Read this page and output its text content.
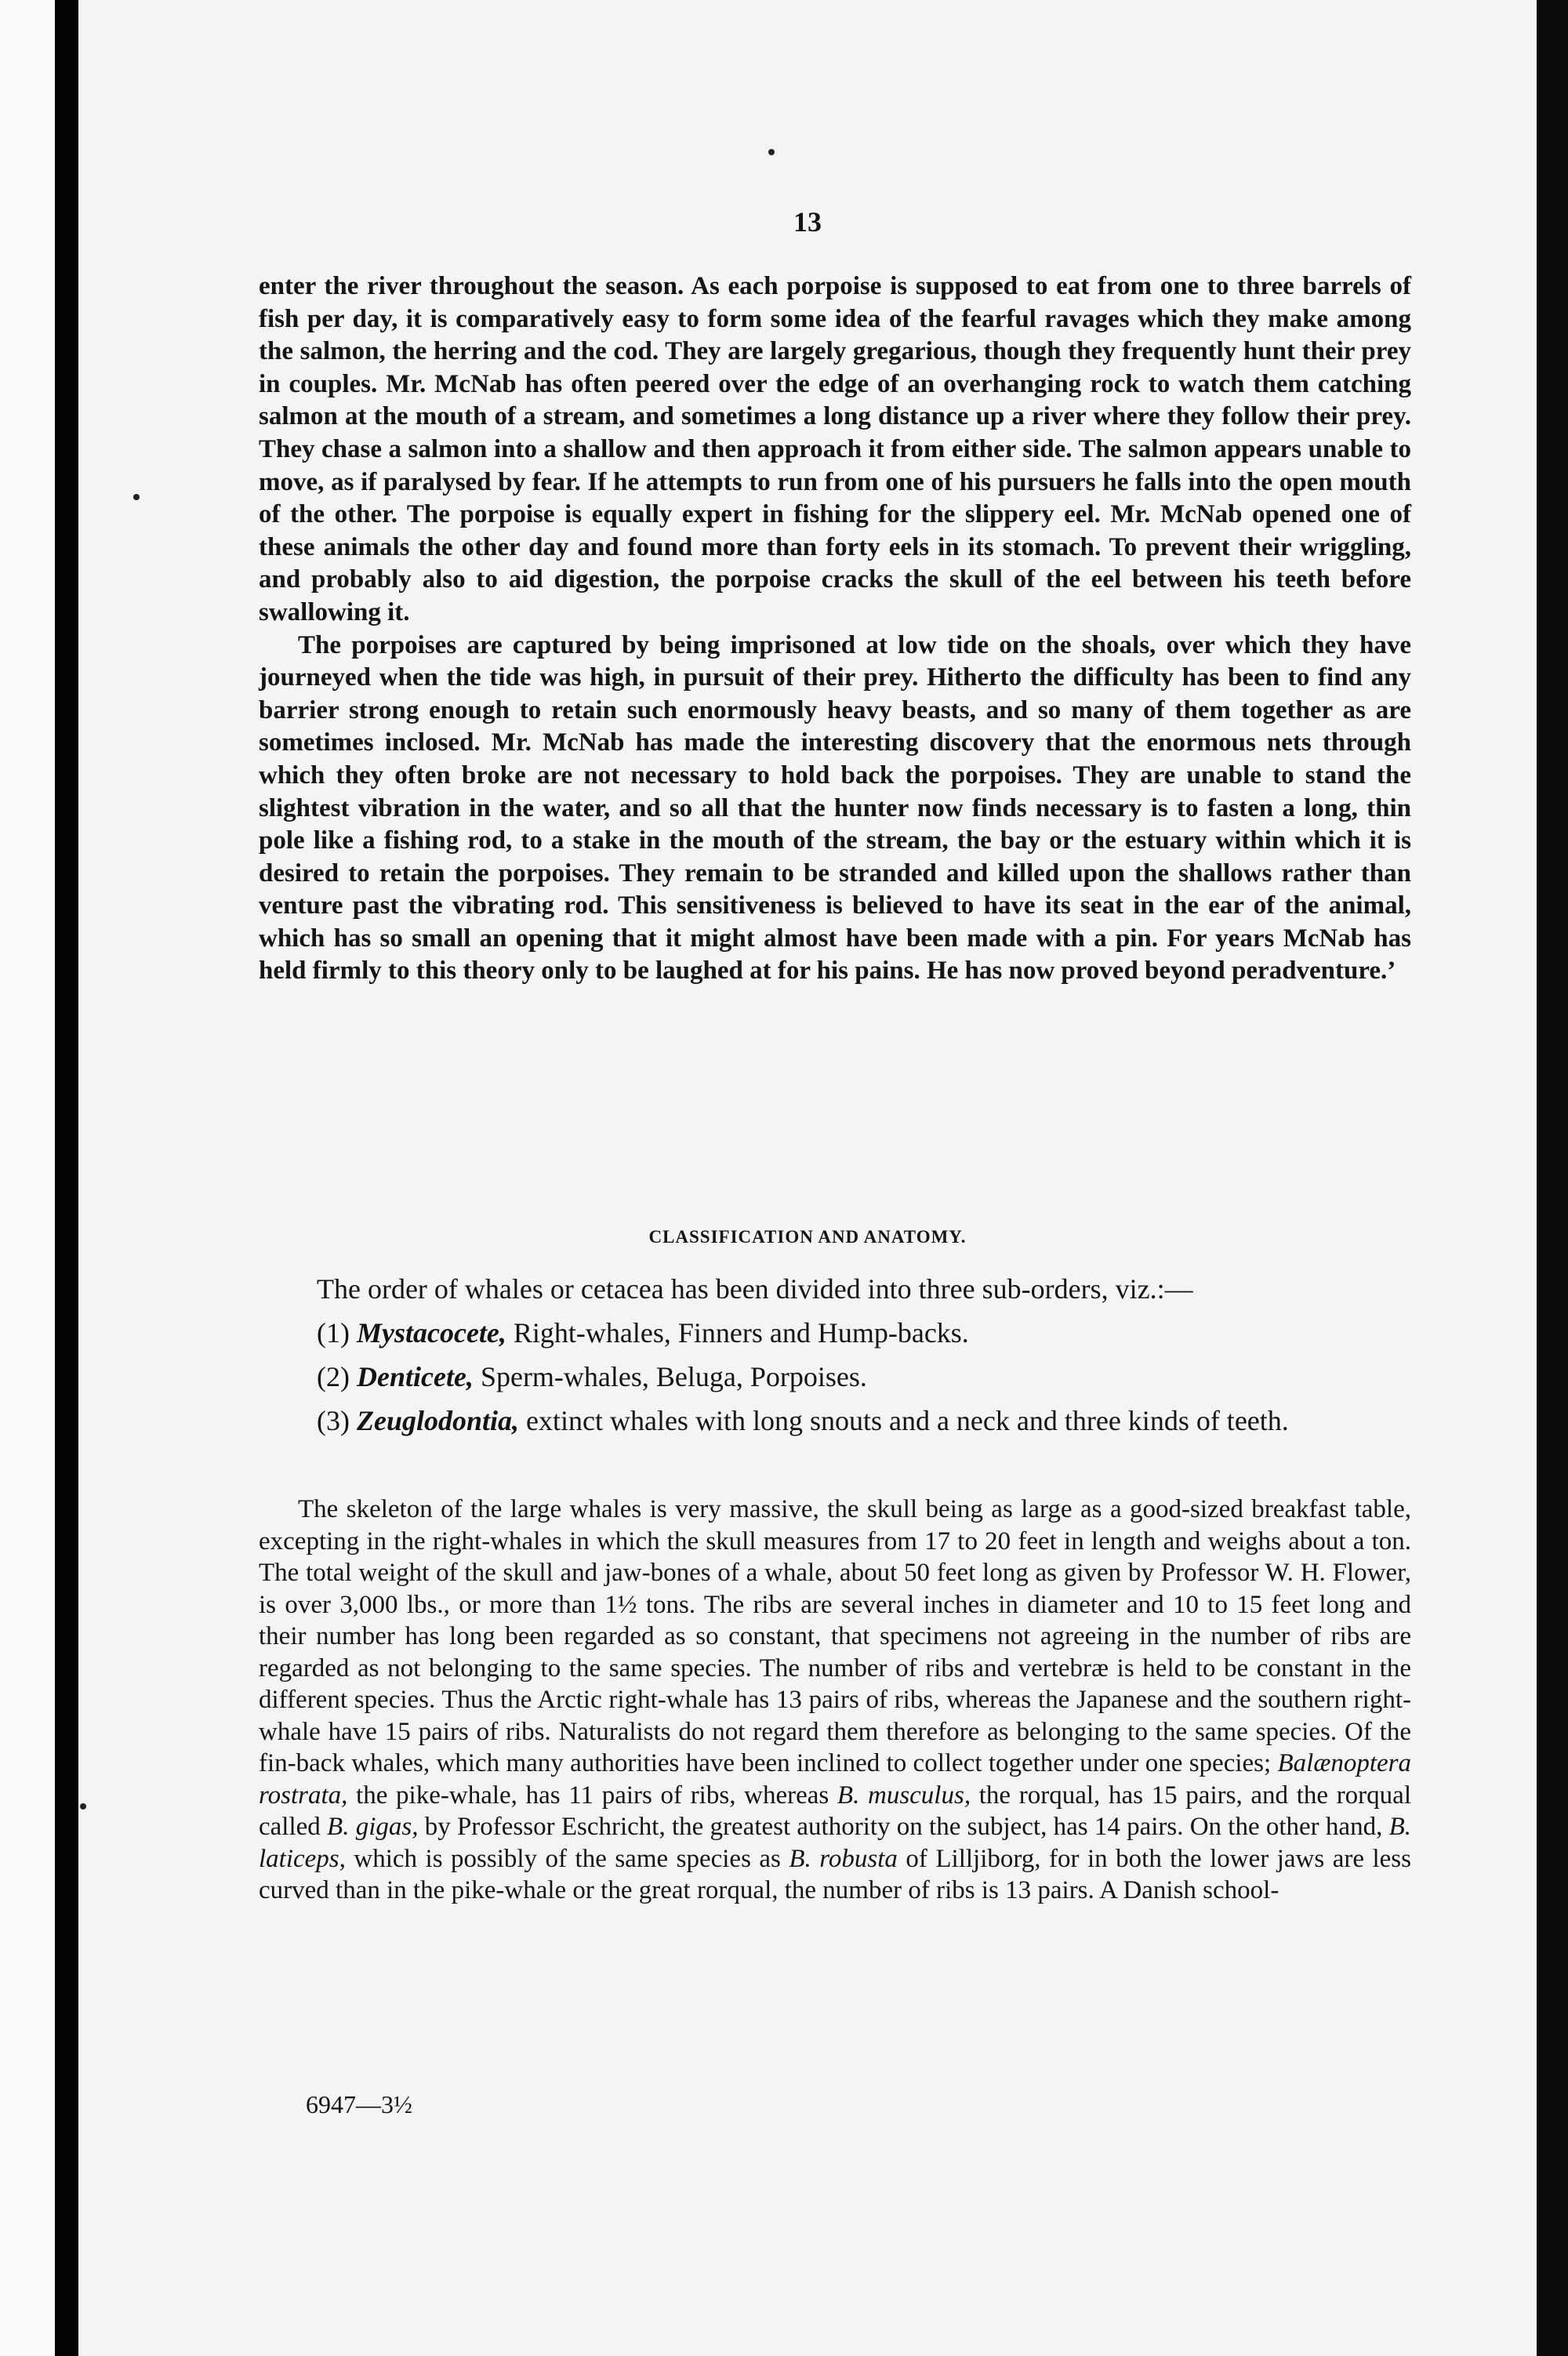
13

enter the river throughout the season. As each porpoise is supposed to eat from one to three barrels of fish per day, it is comparatively easy to form some idea of the fearful ravages which they make among the salmon, the herring and the cod. They are largely gregarious, though they frequently hunt their prey in couples. Mr. McNab has often peered over the edge of an overhanging rock to watch them catching salmon at the mouth of a stream, and sometimes a long distance up a river where they follow their prey. They chase a salmon into a shallow and then approach it from either side. The salmon appears unable to move, as if paralysed by fear. If he attempts to run from one of his pursuers he falls into the open mouth of the other. The porpoise is equally expert in fishing for the slippery eel. Mr. McNab opened one of these animals the other day and found more than forty eels in its stomach. To prevent their wriggling, and probably also to aid digestion, the porpoise cracks the skull of the eel between his teeth before swallowing it.

The porpoises are captured by being imprisoned at low tide on the shoals, over which they have journeyed when the tide was high, in pursuit of their prey. Hitherto the difficulty has been to find any barrier strong enough to retain such enormously heavy beasts, and so many of them together as are sometimes inclosed. Mr. McNab has made the interesting discovery that the enormous nets through which they often broke are not necessary to hold back the porpoises. They are unable to stand the slightest vibration in the water, and so all that the hunter now finds necessary is to fasten a long, thin pole like a fishing rod, to a stake in the mouth of the stream, the bay or the estuary within which it is desired to retain the porpoises. They remain to be stranded and killed upon the shallows rather than venture past the vibrating rod. This sensitiveness is believed to have its seat in the ear of the animal, which has so small an opening that it might almost have been made with a pin. For years McNab has held firmly to this theory only to be laughed at for his pains. He has now proved beyond peradventure.’

CLASSIFICATION AND ANATOMY.

The order of whales or cetacea has been divided into three sub-orders, viz.:—

(1) Mystacocete, Right-whales, Finners and Hump-backs.

(2) Denticete, Sperm-whales, Beluga, Porpoises.

(3) Zeuglodontia, extinct whales with long snouts and a neck and three kinds of teeth.

The skeleton of the large whales is very massive, the skull being as large as a good-sized breakfast table, excepting in the right-whales in which the skull measures from 17 to 20 feet in length and weighs about a ton. The total weight of the skull and jaw-bones of a whale, about 50 feet long as given by Professor W. H. Flower, is over 3,000 lbs., or more than 1½ tons. The ribs are several inches in diameter and 10 to 15 feet long and their number has long been regarded as so constant, that specimens not agreeing in the number of ribs are regarded as not belonging to the same species. The number of ribs and vertebræ is held to be constant in the different species. Thus the Arctic right-whale has 13 pairs of ribs, whereas the Japanese and the southern right-whale have 15 pairs of ribs. Naturalists do not regard them therefore as belonging to the same species. Of the fin-back whales, which many authorities have been inclined to collect together under one species; Balænoptera rostrata, the pike-whale, has 11 pairs of ribs, whereas B. musculus, the rorqual, has 15 pairs, and the rorqual called B. gigas, by Professor Eschricht, the greatest authority on the subject, has 14 pairs. On the other hand, B. laticeps, which is possibly of the same species as B. robusta of Lilljiborg, for in both the lower jaws are less curved than in the pike-whale or the great rorqual, the number of ribs is 13 pairs. A Danish school-

6947—3½
